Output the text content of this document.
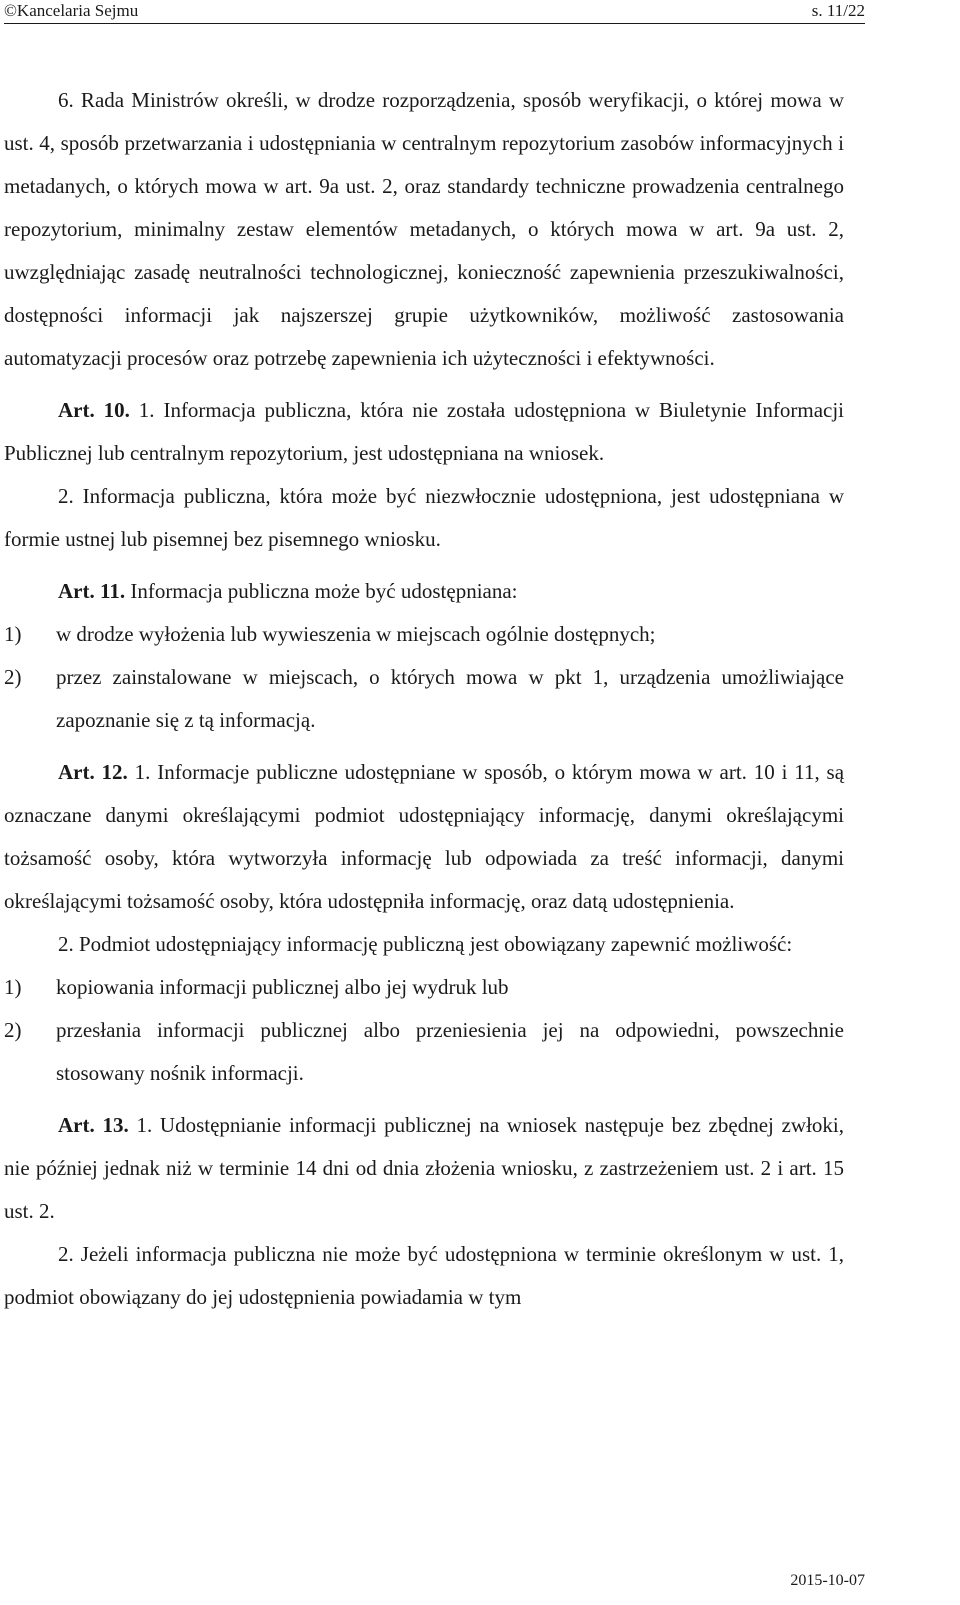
©Kancelaria Sejmu	s. 11/22

6. Rada Ministrów określi, w drodze rozporządzenia, sposób weryfikacji, o której mowa w ust. 4, sposób przetwarzania i udostępniania w centralnym repozytorium zasobów informacyjnych i metadanych, o których mowa w art. 9a ust. 2, oraz standardy techniczne prowadzenia centralnego repozytorium, minimalny zestaw elementów metadanych, o których mowa w art. 9a ust. 2, uwzględniając zasadę neutralności technologicznej, konieczność zapewnienia przeszukiwalności, dostępności informacji jak najszerszej grupie użytkowników, możliwość zastosowania automatyzacji procesów oraz potrzebę zapewnienia ich użyteczności i efektywności.

Art. 10. 1. Informacja publiczna, która nie została udostępniona w Biuletynie Informacji Publicznej lub centralnym repozytorium, jest udostępniana na wniosek.

2. Informacja publiczna, która może być niezwłocznie udostępniona, jest udostępniana w formie ustnej lub pisemnej bez pisemnego wniosku.

Art. 11. Informacja publiczna może być udostępniana:

1)	w drodze wyłożenia lub wywieszenia w miejscach ogólnie dostępnych;
2)	przez zainstalowane w miejscach, o których mowa w pkt 1, urządzenia umożliwiające zapoznanie się z tą informacją.

Art. 12. 1. Informacje publiczne udostępniane w sposób, o którym mowa w art. 10 i 11, są oznaczane danymi określającymi podmiot udostępniający informację, danymi określającymi tożsamość osoby, która wytworzyła informację lub odpowiada za treść informacji, danymi określającymi tożsamość osoby, która udostępniła informację, oraz datą udostępnienia.

2. Podmiot udostępniający informację publiczną jest obowiązany zapewnić możliwość:

1)	kopiowania informacji publicznej albo jej wydruk lub
2)	przesłania informacji publicznej albo przeniesienia jej na odpowiedni, powszechnie stosowany nośnik informacji.

Art. 13. 1. Udostępnianie informacji publicznej na wniosek następuje bez zbędnej zwłoki, nie później jednak niż w terminie 14 dni od dnia złożenia wniosku, z zastrzeżeniem ust. 2 i art. 15 ust. 2.

2. Jeżeli informacja publiczna nie może być udostępniona w terminie określonym w ust. 1, podmiot obowiązany do jej udostępnienia powiadamia w tym

2015-10-07
